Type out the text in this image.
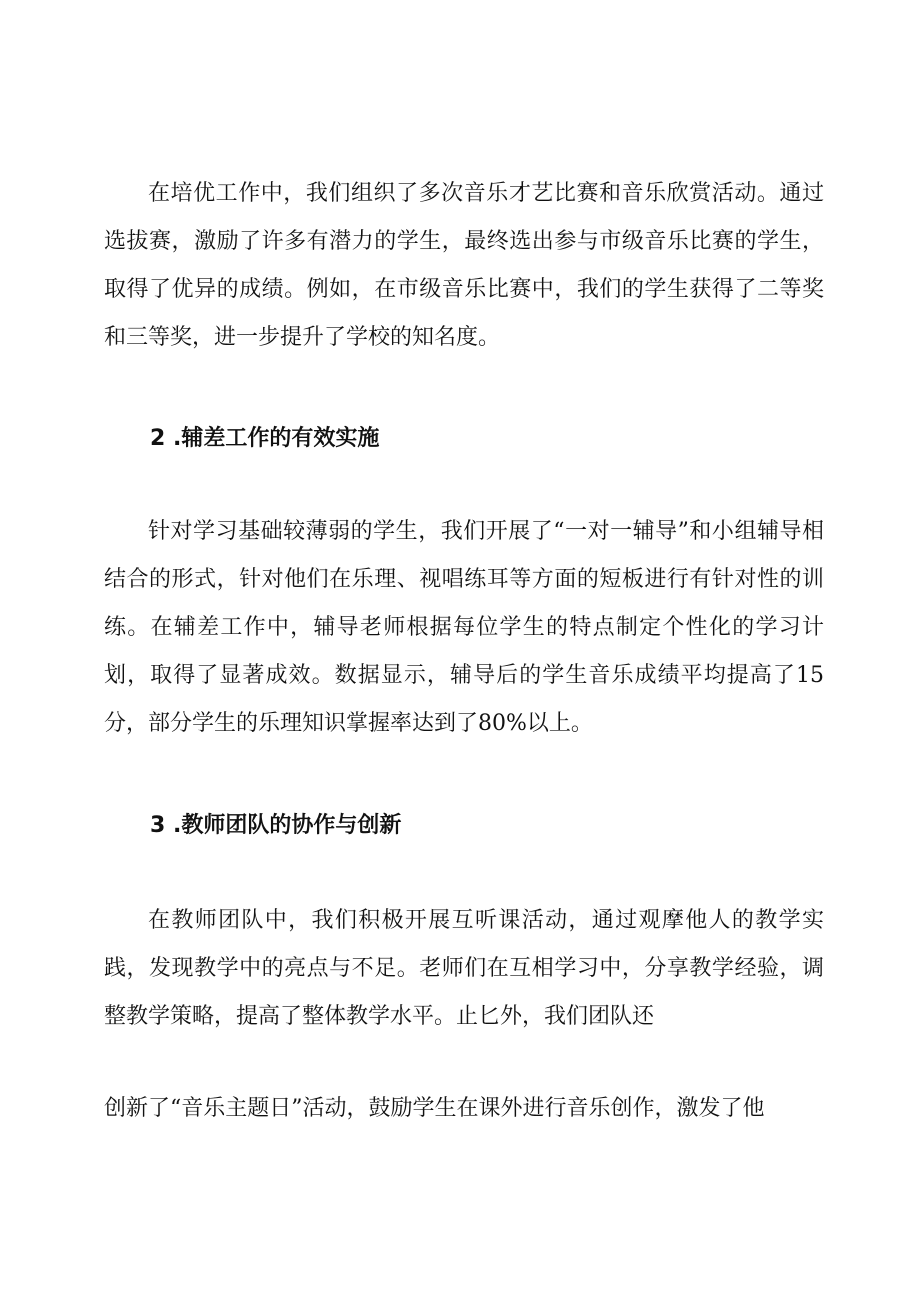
在培优工作中，我们组织了多次音乐才艺比赛和音乐欣赏活动。通过选拔赛，激励了许多有潜力的学生，最终选出参与市级音乐比赛的学生，取得了优异的成绩。例如，在市级音乐比赛中，我们的学生获得了二等奖和三等奖，进一步提升了学校的知名度。

2 .辅差工作的有效实施

针对学习基础较薄弱的学生，我们开展了“一对一辅导”和小组辅导相结合的形式，针对他们在乐理、视唱练耳等方面的短板进行有针对性的训练。在辅差工作中，辅导老师根据每位学生的特点制定个性化的学习计划，取得了显著成效。数据显示，辅导后的学生音乐成绩平均提高了15分，部分学生的乐理知识掌握率达到了80%以上。

3 .教师团队的协作与创新

在教师团队中，我们积极开展互听课活动，通过观摩他人的教学实践，发现教学中的亮点与不足。老师们在互相学习中，分享教学经验，调整教学策略，提高了整体教学水平。止匕外，我们团队还

创新了“音乐主题日”活动，鼓励学生在课外进行音乐创作，激发了他
